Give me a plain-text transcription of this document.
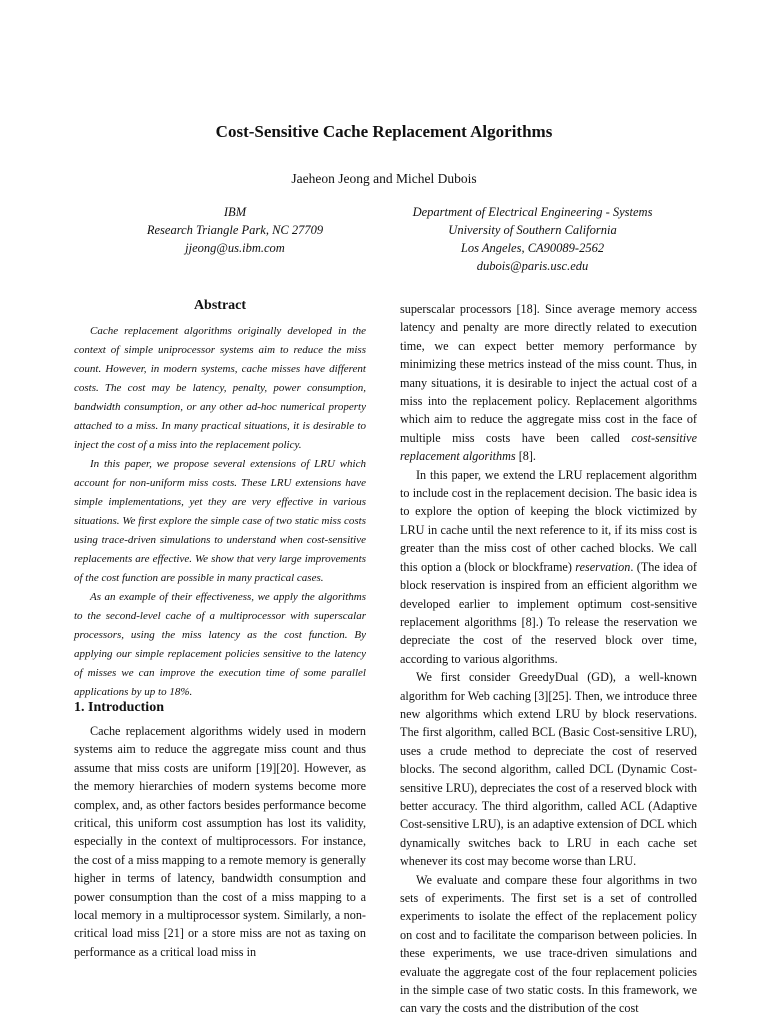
Cost-Sensitive Cache Replacement Algorithms
Jaeheon Jeong and Michel Dubois
IBM
Research Triangle Park, NC 27709
jjeong@us.ibm.com
Department of Electrical Engineering - Systems
University of Southern California
Los Angeles, CA90089-2562
dubois@paris.usc.edu
Abstract

Cache replacement algorithms originally developed in the context of simple uniprocessor systems aim to reduce the miss count. However, in modern systems, cache misses have different costs. The cost may be latency, penalty, power consumption, bandwidth consumption, or any other ad-hoc numerical property attached to a miss. In many practical situations, it is desirable to inject the cost of a miss into the replacement policy.

In this paper, we propose several extensions of LRU which account for non-uniform miss costs. These LRU extensions have simple implementations, yet they are very effective in various situations. We first explore the simple case of two static miss costs using trace-driven simulations to understand when cost-sensitive replacements are effective. We show that very large improvements of the cost function are possible in many practical cases.

As an example of their effectiveness, we apply the algorithms to the second-level cache of a multiprocessor with superscalar processors, using the miss latency as the cost function. By applying our simple replacement policies sensitive to the latency of misses we can improve the execution time of some parallel applications by up to 18%.

1. Introduction

Cache replacement algorithms widely used in modern systems aim to reduce the aggregate miss count and thus assume that miss costs are uniform [19][20]. However, as the memory hierarchies of modern systems become more complex, and, as other factors besides performance become critical, this uniform cost assumption has lost its validity, especially in the context of multiprocessors. For instance, the cost of a miss mapping to a remote memory is generally higher in terms of latency, bandwidth consumption and power consumption than the cost of a miss mapping to a local memory in a multiprocessor system. Similarly, a non-critical load miss [21] or a store miss are not as taxing on performance as a critical load miss in

superscalar processors [18]. Since average memory access latency and penalty are more directly related to execution time, we can expect better memory performance by minimizing these metrics instead of the miss count. Thus, in many situations, it is desirable to inject the actual cost of a miss into the replacement policy. Replacement algorithms which aim to reduce the aggregate miss cost in the face of multiple miss costs have been called cost-sensitive replacement algorithms [8].

In this paper, we extend the LRU replacement algorithm to include cost in the replacement decision. The basic idea is to explore the option of keeping the block victimized by LRU in cache until the next reference to it, if its miss cost is greater than the miss cost of other cached blocks. We call this option a (block or blockframe) reservation. (The idea of block reservation is inspired from an efficient algorithm we developed earlier to implement optimum cost-sensitive replacement algorithms [8].) To release the reservation we depreciate the cost of the reserved block over time, according to various algorithms.

We first consider GreedyDual (GD), a well-known algorithm for Web caching [3][25]. Then, we introduce three new algorithms which extend LRU by block reservations. The first algorithm, called BCL (Basic Cost-sensitive LRU), uses a crude method to depreciate the cost of reserved blocks. The second algorithm, called DCL (Dynamic Cost-sensitive LRU), depreciates the cost of a reserved block with better accuracy. The third algorithm, called ACL (Adaptive Cost-sensitive LRU), is an adaptive extension of DCL which dynamically switches back to LRU in each cache set whenever its cost may become worse than LRU.

We evaluate and compare these four algorithms in two sets of experiments. The first set is a set of controlled experiments to isolate the effect of the replacement policy on cost and to facilitate the comparison between policies. In these experiments, we use trace-driven simulations and evaluate the aggregate cost of the four replacement policies in the simple case of two static costs. In this framework, we can vary the costs and the distribution of the cost
